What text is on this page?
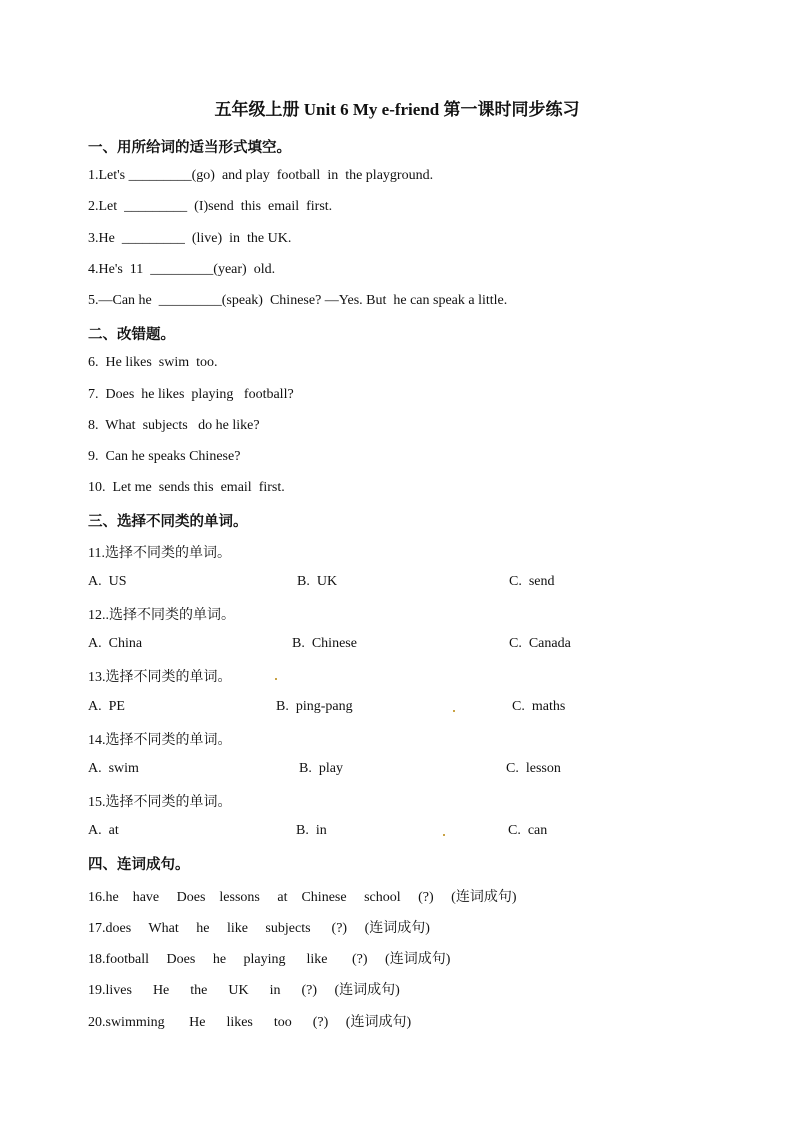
五年级上册 Unit 6 My e-friend 第一课时同步练习
一、用所给词的适当形式填空。
1.Let's _________(go)  and play  football  in  the playground.
2.Let  _________  (I)send  this  email  first.
3.He  _________  (live)  in  the UK.
4.He's  11  _________(year)  old.
5.—Can he  _________(speak)  Chinese? —Yes. But  he can speak a little.
二、改错题。
6.  He likes  swim  too.
7.  Does  he likes  playing   football?
8.  What  subjects   do he like?
9.  Can he speaks Chinese?
10.  Let me  sends this  email  first.
三、选择不同类的单词。
11.选择不同类的单词。
A.  US	B.  UK	C.  send
12..选择不同类的单词。
A.  China	B.  Chinese	C.  Canada
13.选择不同类的单词。
A.  PE	B.  ping-pang	C.  maths
14.选择不同类的单词。
A.  swim	B.  play	C.  lesson
15.选择不同类的单词。
A.  at	B.  in	C.  can
四、连词成句。
16.he    have     Does    lessons     at    Chinese     school     (?)     (连词成句)
17.does     What     he     like     subjects      (?)     (连词成句)
18.football     Does     he     playing      like       (?)     (连词成句)
19.lives      He      the      UK      in      (?)     (连词成句)
20.swimming       He      likes      too      (?)     (连词成句)
